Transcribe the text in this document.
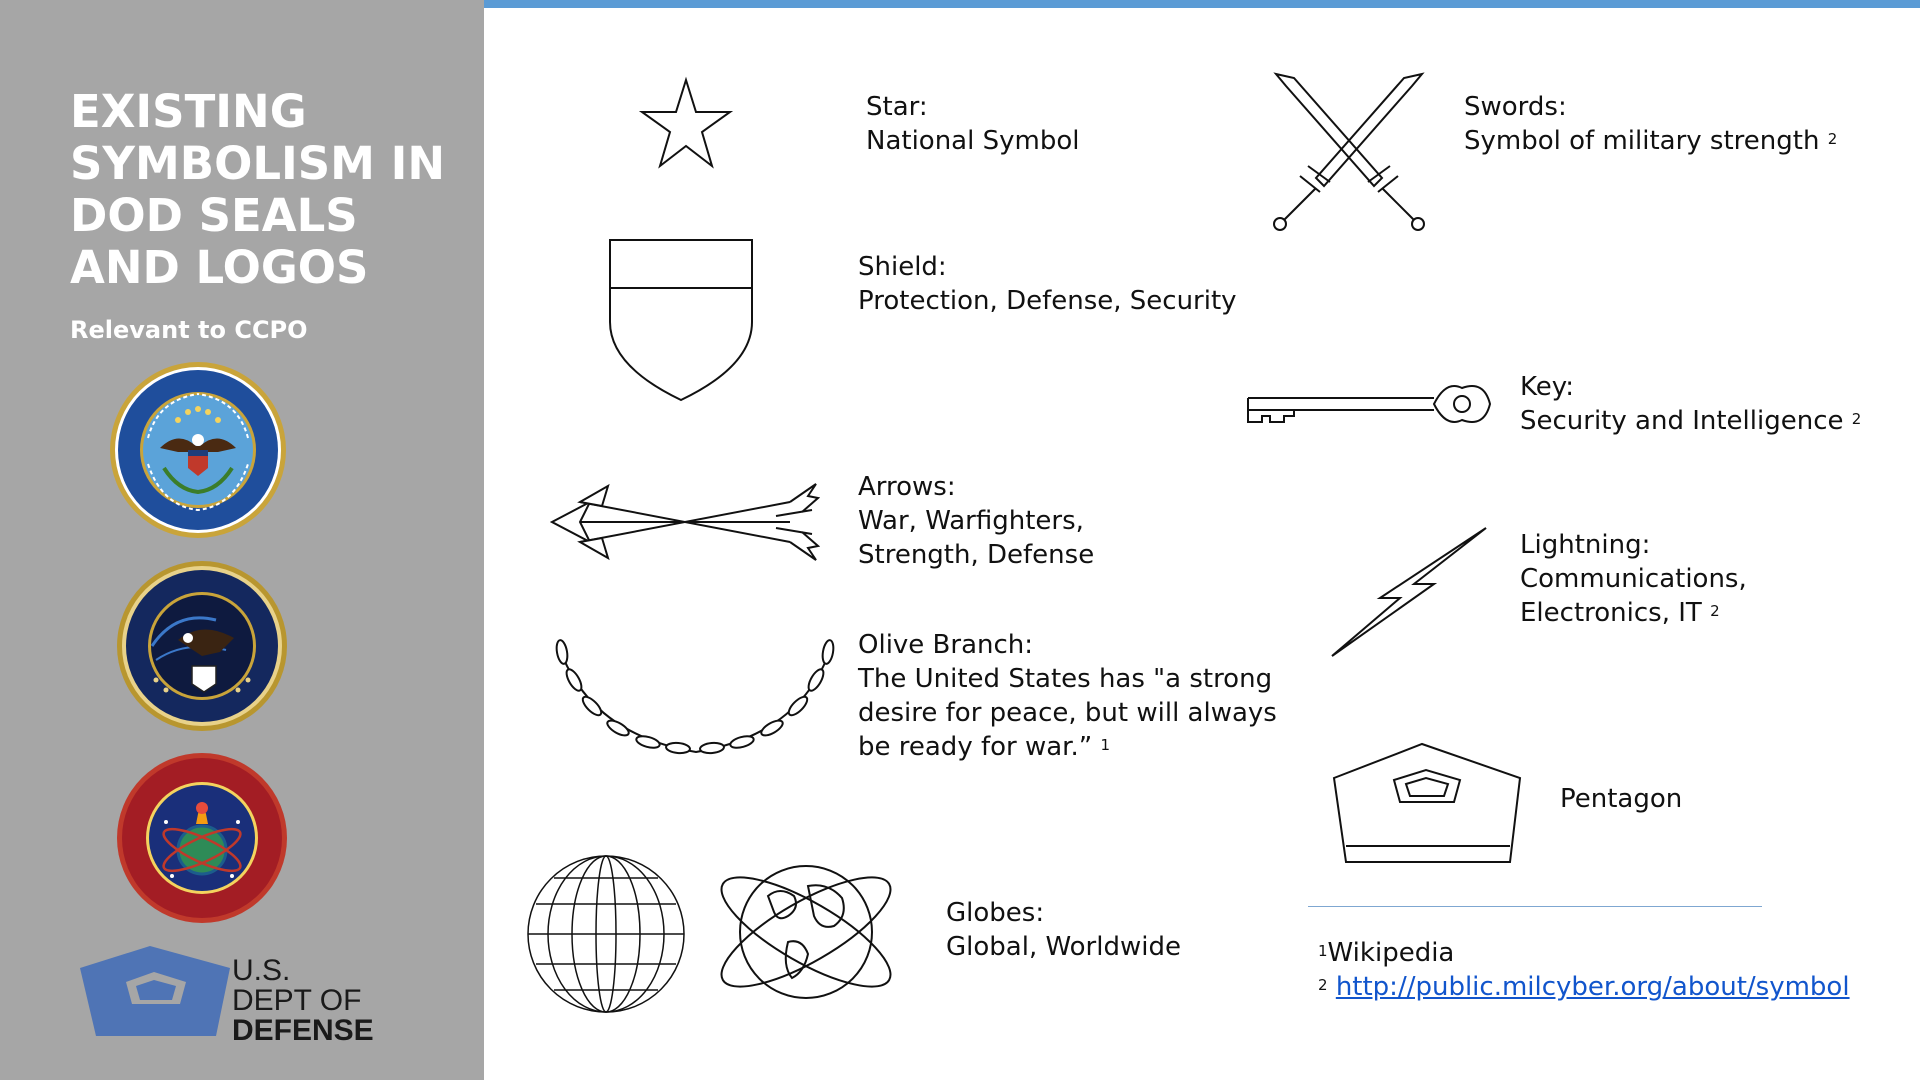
EXISTING
SYMBOLISM IN
DOD SEALS
AND LOGOS
Relevant to CCPO
U.S.
DEPT OF
DEFENSE
Star:
National Symbol
Shield:
Protection, Defense, Security
Arrows:
War, Warfighters,
Strength, Defense
Olive Branch:
The United States has "a strong
desire for peace, but will always
be ready for war.” $^1$
Globes:
Global, Worldwide
Swords:
Symbol of military strength $^2$
Key:
Security and Intelligence $^2$
Lightning:
Communications,
Electronics, IT $^2$
Pentagon
$^1$Wikipedia
$^2$ http://public.milcyber.org/about/symbol
